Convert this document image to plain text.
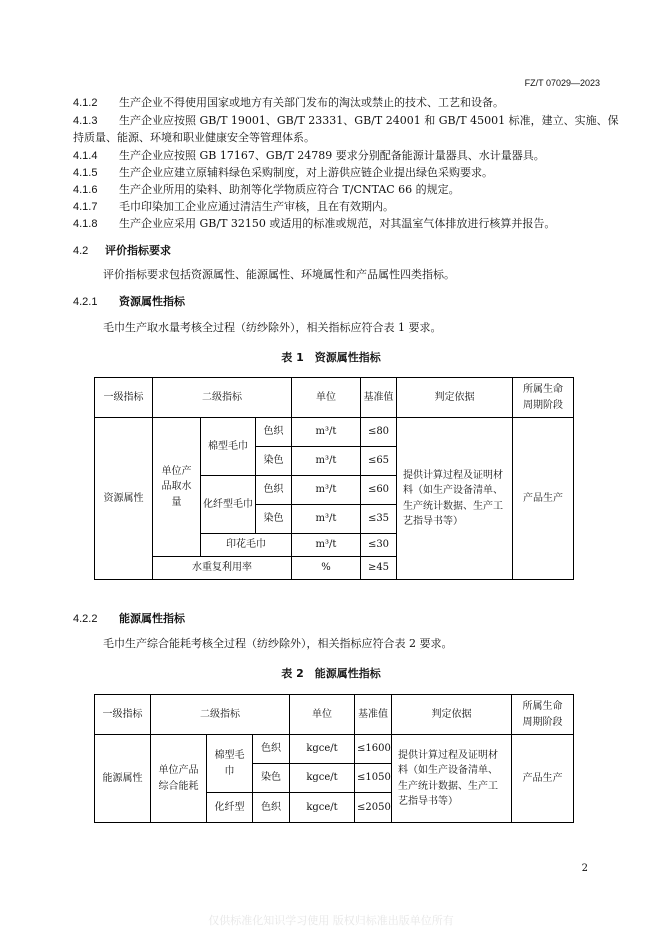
FZ/T 07029—2023
4.1.2 生产企业不得使用国家或地方有关部门发布的淘汰或禁止的技术、工艺和设备。
4.1.3 生产企业应按照 GB/T 19001、GB/T 23331、GB/T 24001 和 GB/T 45001 标准，建立、实施、保
持质量、能源、环境和职业健康安全等管理体系。
4.1.4 生产企业应按照 GB 17167、GB/T 24789 要求分别配备能源计量器具、水计量器具。
4.1.5 生产企业应建立原辅料绿色采购制度，对上游供应链企业提出绿色采购要求。
4.1.6 生产企业所用的染料、助剂等化学物质应符合 T/CNTAC 66 的规定。
4.1.7 毛巾印染加工企业应通过清洁生产审核，且在有效期内。
4.1.8 生产企业应采用 GB/T 32150 或适用的标准或规范，对其温室气体排放进行核算并报告。
4.2 评价指标要求
评价指标要求包括资源属性、能源属性、环境属性和产品属性四类指标。
4.2.1 资源属性指标
毛巾生产取水量考核全过程（纺纱除外），相关指标应符合表 1 要求。
表 1　资源属性指标
一级指标	二级指标			单位	基准值	判定依据	所属生命
周期阶段
资源属性	单位产品取水量	棉型毛巾	色织	m³/t	≤80	提供计算过程及证明材料（如生产设备清单、生产统计数据、生产工艺指导书等）	产品生产
			染色	m³/t	≤65		
		化纤型毛巾	色织	m³/t	≤60		
			染色	m³/t	≤35		
		印花毛巾		m³/t	≤30		
	水重复利用率			%	≥45		
4.2.2 能源属性指标
毛巾生产综合能耗考核全过程（纺纱除外），相关指标应符合表 2 要求。
表 2　能源属性指标
一级指标	二级指标			单位	基准值	判定依据	所属生命
周期阶段
能源属性	单位产品综合能耗	棉型毛巾	色织	kgce/t	≤1600	提供计算过程及证明材料（如生产设备清单、生产统计数据、生产工艺指导书等）	产品生产
			染色	kgce/t	≤1050		
		化纤型	色织	kgce/t	≤2050		
2
仅供标准化知识学习使用 版权归标准出版单位所有
